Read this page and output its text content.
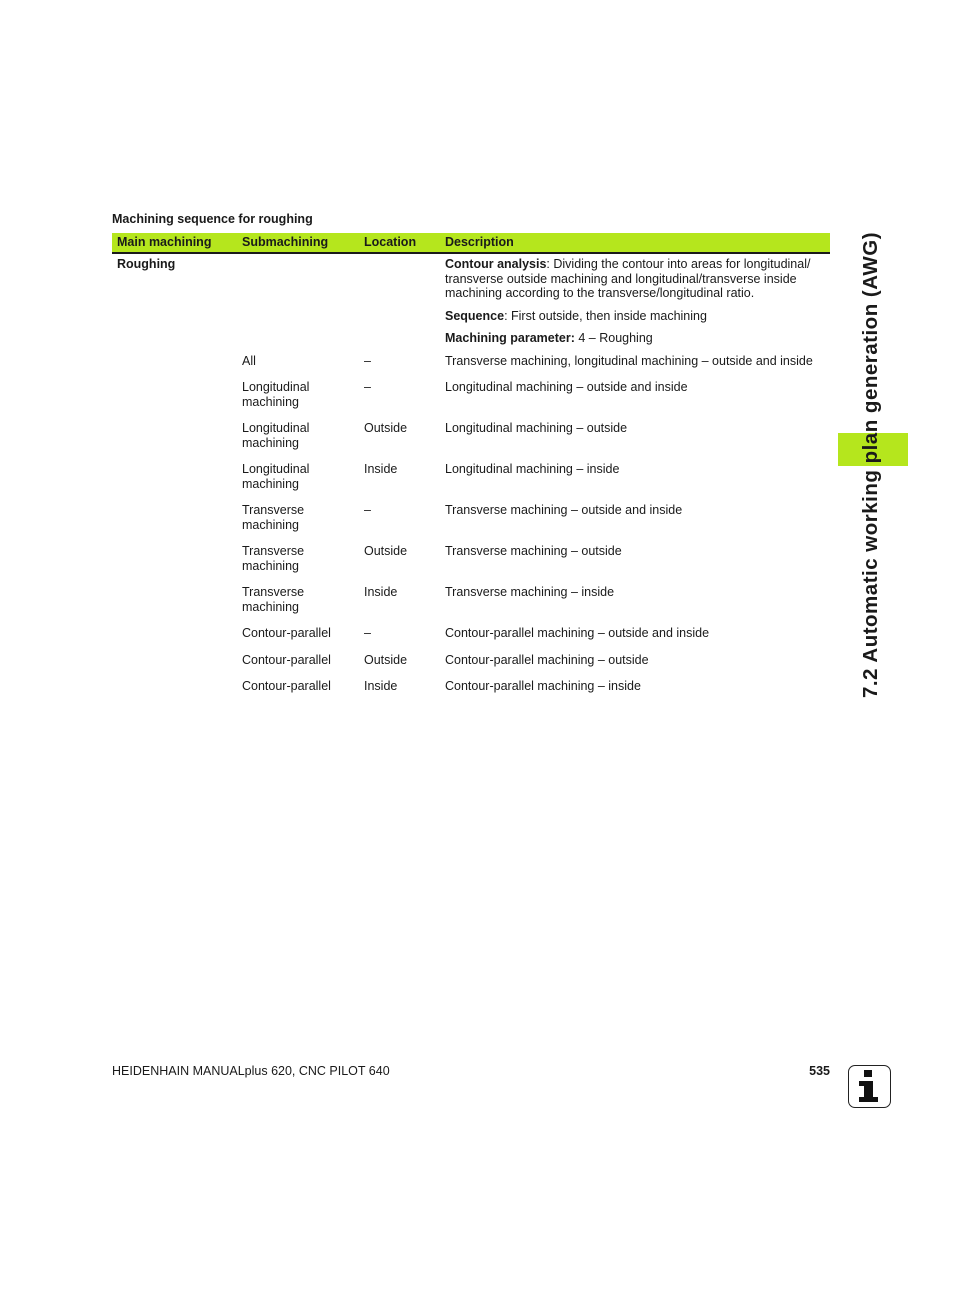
Machining sequence for roughing
Main machining	Submachining	Location	Description
Roughing			Contour analysis: Dividing the contour into areas for longitudinal/ transverse outside machining and longitudinal/transverse inside machining according to the transverse/longitudinal ratio.
Sequence: First outside, then inside machining
Machining parameter: 4 – Roughing

	All	–	Transverse machining, longitudinal machining – outside and inside
	Longitudinal machining	–	Longitudinal machining – outside and inside
	Longitudinal machining	Outside	Longitudinal machining – outside
	Longitudinal machining	Inside	Longitudinal machining – inside
	Transverse machining	–	Transverse machining – outside and inside
	Transverse machining	Outside	Transverse machining – outside
	Transverse machining	Inside	Transverse machining – inside
	Contour-parallel	–	Contour-parallel machining – outside and inside
	Contour-parallel	Outside	Contour-parallel machining – outside
	Contour-parallel	Inside	Contour-parallel machining – inside	7.2 Automatic working plan generation (AWG)
HEIDENHAIN MANUALplus 620, CNC PILOT 640	535
